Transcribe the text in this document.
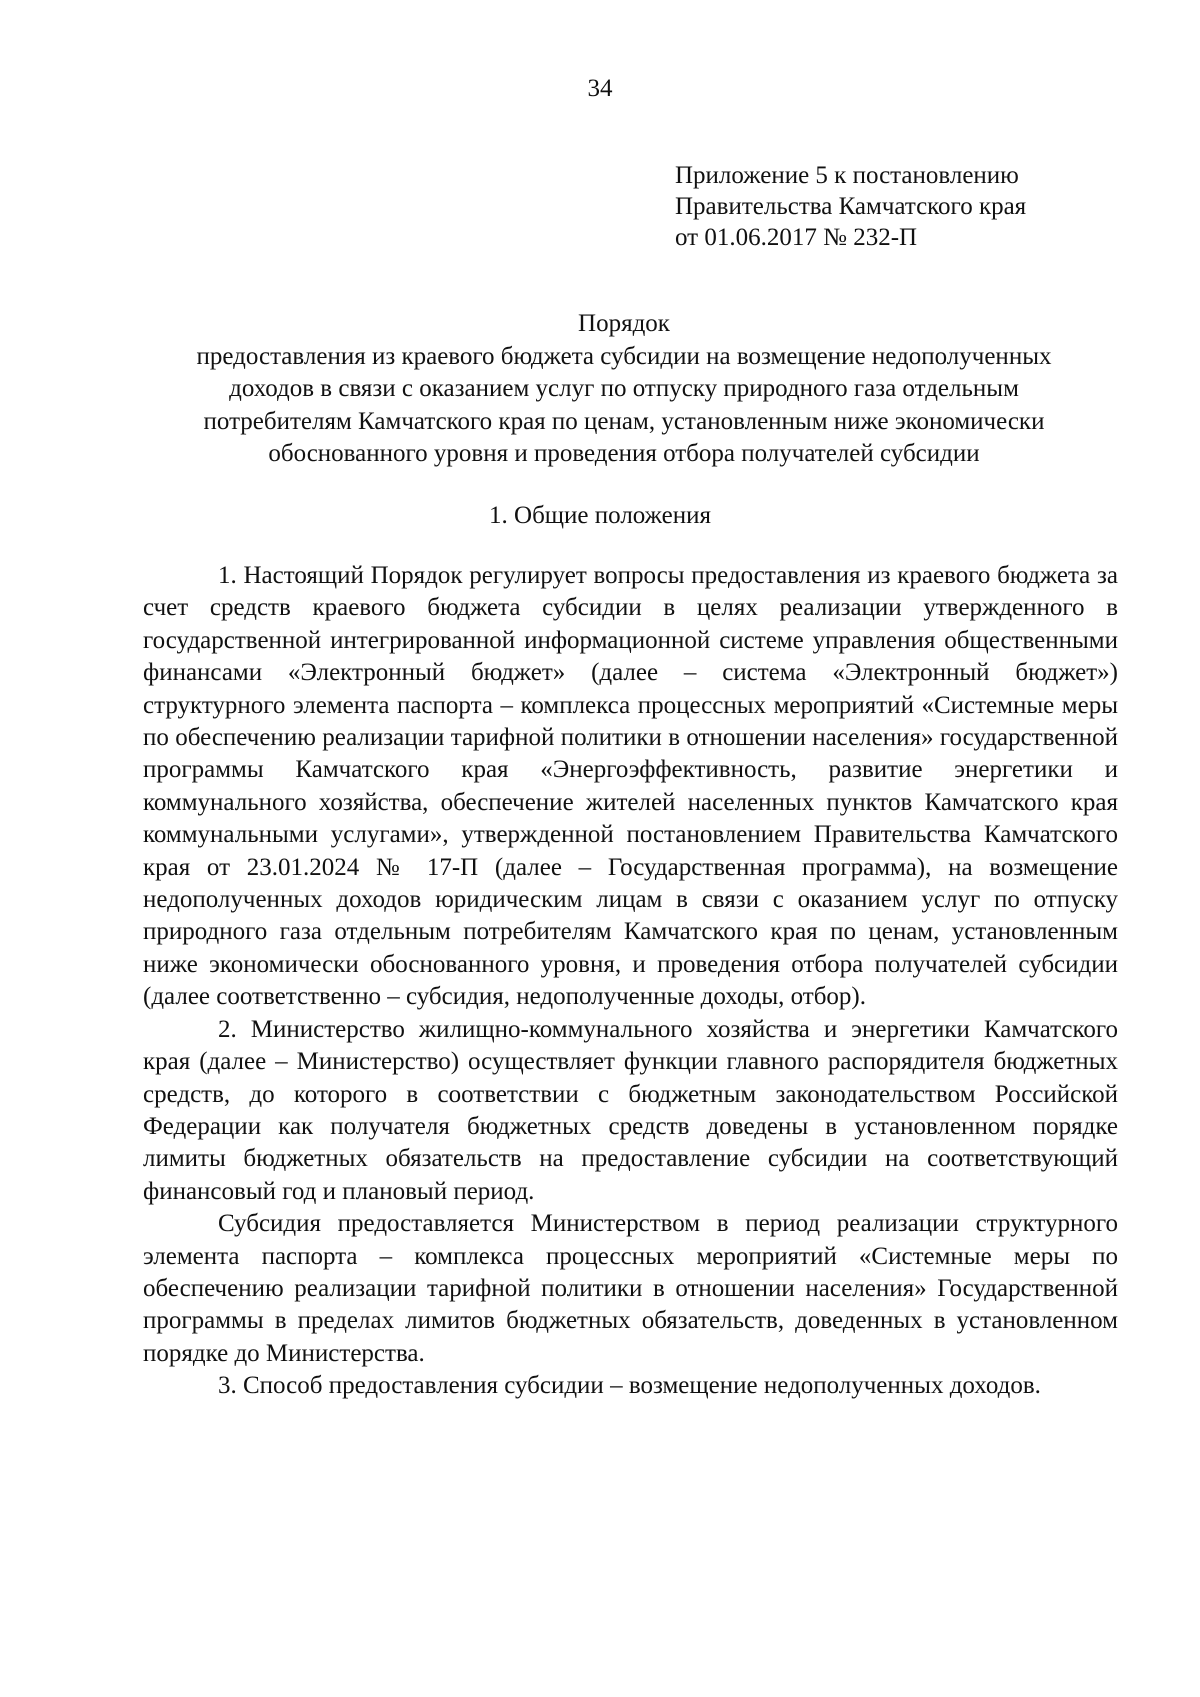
34
Приложение 5 к постановлению
Правительства Камчатского края
от 01.06.2017 № 232-П
Порядок
предоставления из краевого бюджета субсидии на возмещение недополученных
доходов в связи с оказанием услуг по отпуску природного газа отдельным
потребителям Камчатского края по ценам, установленным ниже экономически
обоснованного уровня и проведения отбора получателей субсидии
1. Общие положения

1. Настоящий Порядок регулирует вопросы предоставления из краевого бюджета за счет средств краевого бюджета субсидии в целях реализации утвержденного в государственной интегрированной информационной системе управления общественными финансами «Электронный бюджет» (далее – система «Электронный бюджет») структурного элемента паспорта – комплекса процессных мероприятий «Системные меры по обеспечению реализации тарифной политики в отношении населения» государственной программы Камчатского края «Энергоэффективность, развитие энергетики и коммунального хозяйства, обеспечение жителей населенных пунктов Камчатского края коммунальными услугами», утвержденной постановлением Правительства Камчатского края от 23.01.2024 № 17-П (далее – Государственная программа), на возмещение недополученных доходов юридическим лицам в связи с оказанием услуг по отпуску природного газа отдельным потребителям Камчатского края по ценам, установленным ниже экономически обоснованного уровня, и проведения отбора получателей субсидии (далее соответственно – субсидия, недополученные доходы, отбор).

2. Министерство жилищно-коммунального хозяйства и энергетики Камчатского края (далее – Министерство) осуществляет функции главного распорядителя бюджетных средств, до которого в соответствии с бюджетным законодательством Российской Федерации как получателя бюджетных средств доведены в установленном порядке лимиты бюджетных обязательств на предоставление субсидии на соответствующий финансовый год и плановый период.

Субсидия предоставляется Министерством в период реализации структурного элемента паспорта – комплекса процессных мероприятий «Системные меры по обеспечению реализации тарифной политики в отношении населения» Государственной программы в пределах лимитов бюджетных обязательств, доведенных в установленном порядке до Министерства.

3. Способ предоставления субсидии – возмещение недополученных доходов.
